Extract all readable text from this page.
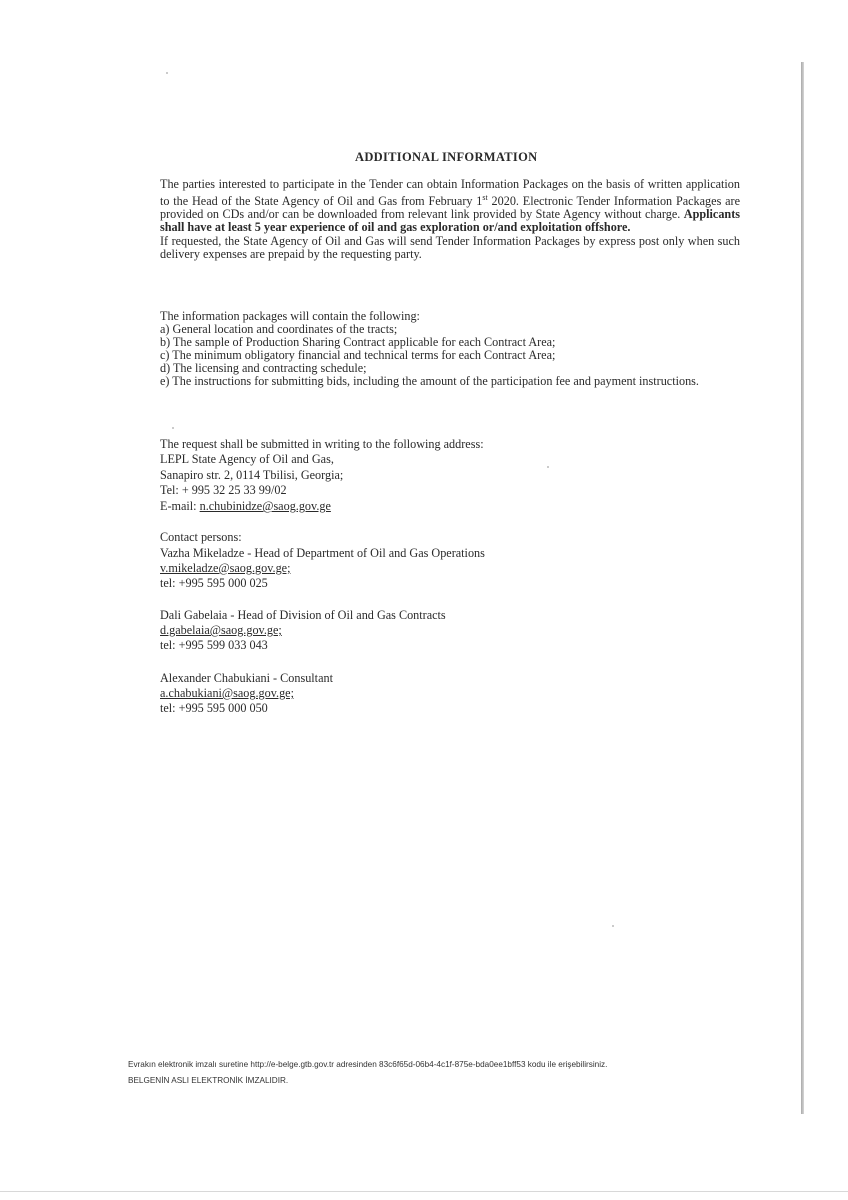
ADDITIONAL INFORMATION

The parties interested to participate in the Tender can obtain Information Packages on the basis of written application to the Head of the State Agency of Oil and Gas from February 1st 2020. Electronic Tender Information Packages are provided on CDs and/or can be downloaded from relevant link provided by State Agency without charge. Applicants shall have at least 5 year experience of oil and gas exploration or/and exploitation offshore.

If requested, the State Agency of Oil and Gas will send Tender Information Packages by express post only when such delivery expenses are prepaid by the requesting party.

The information packages will contain the following:

a) General location and coordinates of the tracts;

b) The sample of Production Sharing Contract applicable for each Contract Area;

c) The minimum obligatory financial and technical terms for each Contract Area;

d) The licensing and contracting schedule;

e) The instructions for submitting bids, including the amount of the participation fee and payment instructions.

The request shall be submitted in writing to the following address:
LEPL State Agency of Oil and Gas,
Sanapiro str. 2, 0114 Tbilisi, Georgia;
Tel: + 995 32 25 33 99/02
E-mail: n.chubinidze@saog.gov.ge
Contact persons:
Vazha Mikeladze - Head of Department of Oil and Gas Operations
v.mikeladze@saog.gov.ge;
tel: +995 595 000 025
Dali Gabelaia - Head of Division of Oil and Gas Contracts
d.gabelaia@saog.gov.ge;
tel: +995 599 033 043
Alexander Chabukiani - Consultant
a.chabukiani@saog.gov.ge;
tel: +995 595 000 050
Evrakın elektronik imzalı suretine http://e-belge.gtb.gov.tr adresinden 83c6f65d-06b4-4c1f-875e-bda0ee1bff53 kodu ile erişebilirsiniz.
BELGENİN ASLI ELEKTRONİK İMZALIDIR.
